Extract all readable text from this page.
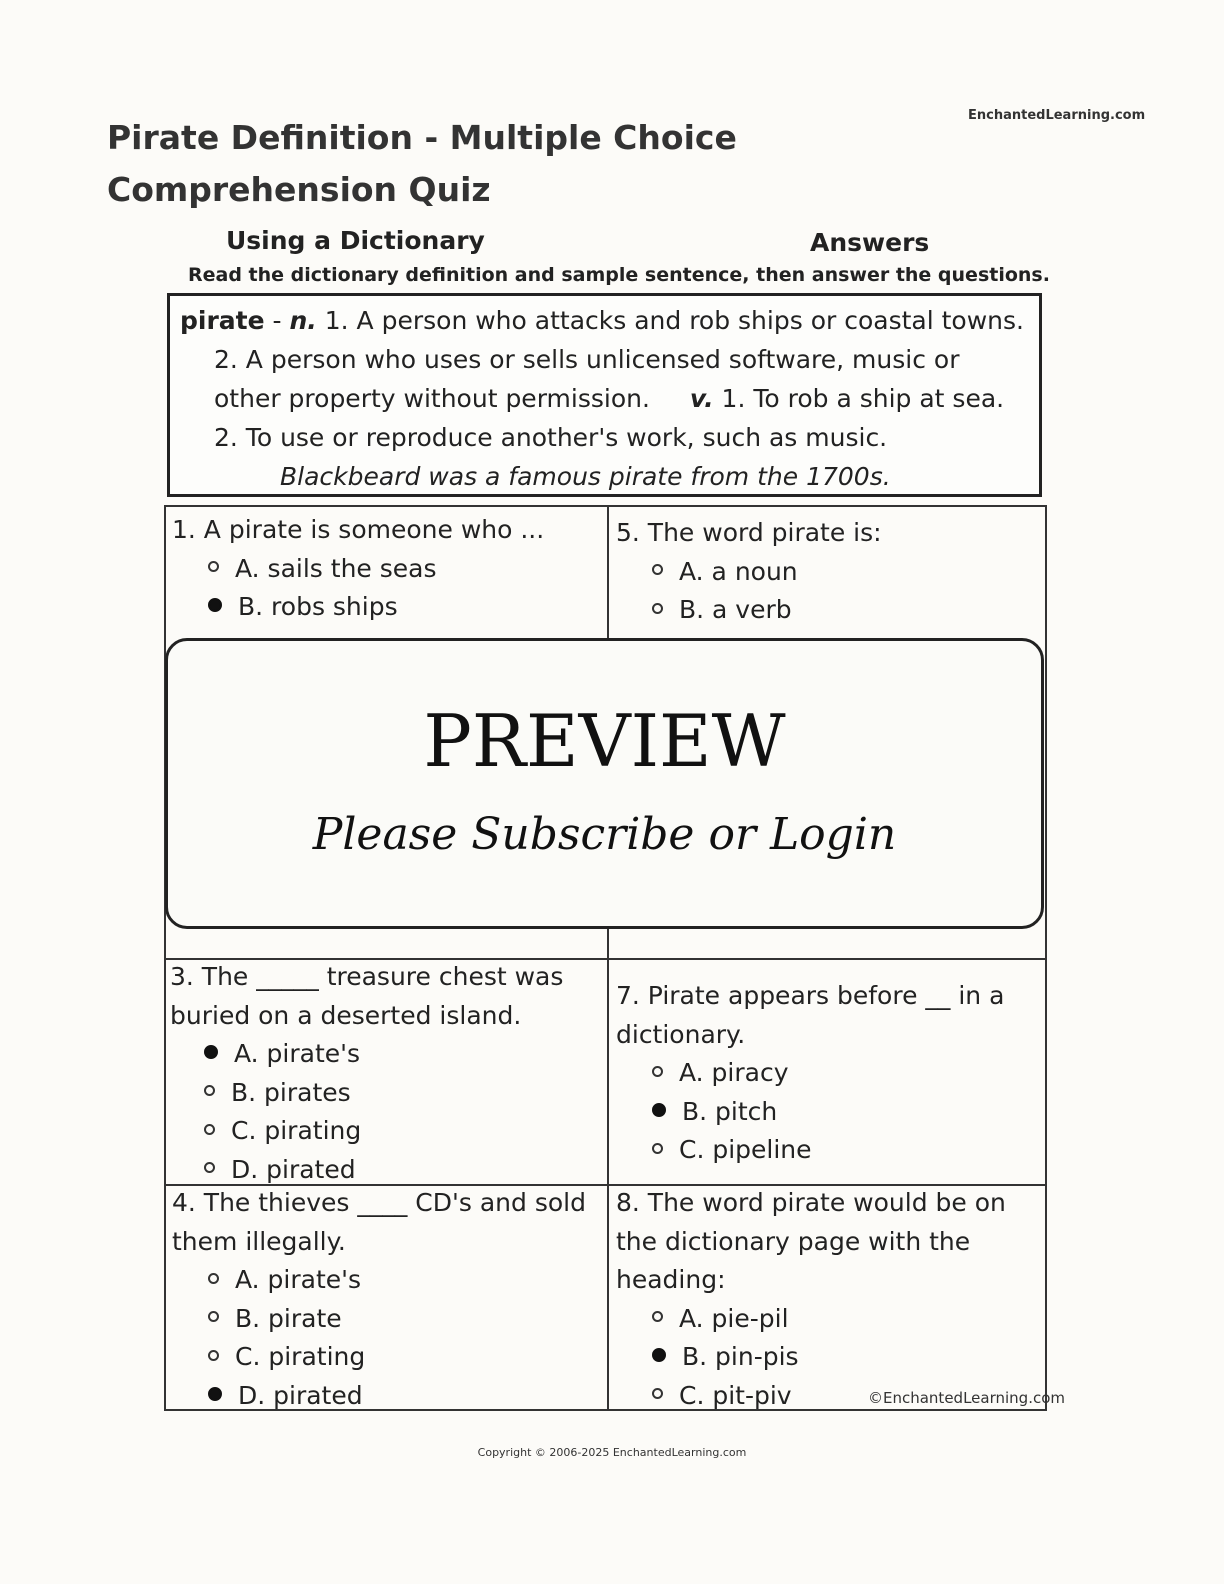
EnchantedLearning.com
Pirate Definition - Multiple Choice Comprehension Quiz
Using a Dictionary	Answers
Read the dictionary definition and sample sentence, then answer the questions.
pirate - n. 1. A person who attacks and rob ships or coastal towns.
2. A person who uses or sells unlicensed software, music or
other property without permission. v. 1. To rob a ship at sea.
2. To use or reproduce another's work, such as music.
Blackbeard was a famous pirate from the 1700s.
1. A pirate is someone who ...
A. sails the seas
B. robs ships
5. The word pirate is:
A. a noun
B. a verb
3. The _____ treasure chest was
buried on a deserted island.
A. pirate's
B. pirates
C. pirating
D. pirated
7. Pirate appears before __ in a
dictionary.
A. piracy
B. pitch
C. pipeline
4. The thieves ____ CD's and sold
them illegally.
A. pirate's
B. pirate
C. pirating
D. pirated
8. The word pirate would be on
the dictionary page with the
heading:
A. pie-pil
B. pin-pis
C. pit-piv	©EnchantedLearning.com
PREVIEW
Please Subscribe or Login
Copyright © 2006-2025 EnchantedLearning.com
